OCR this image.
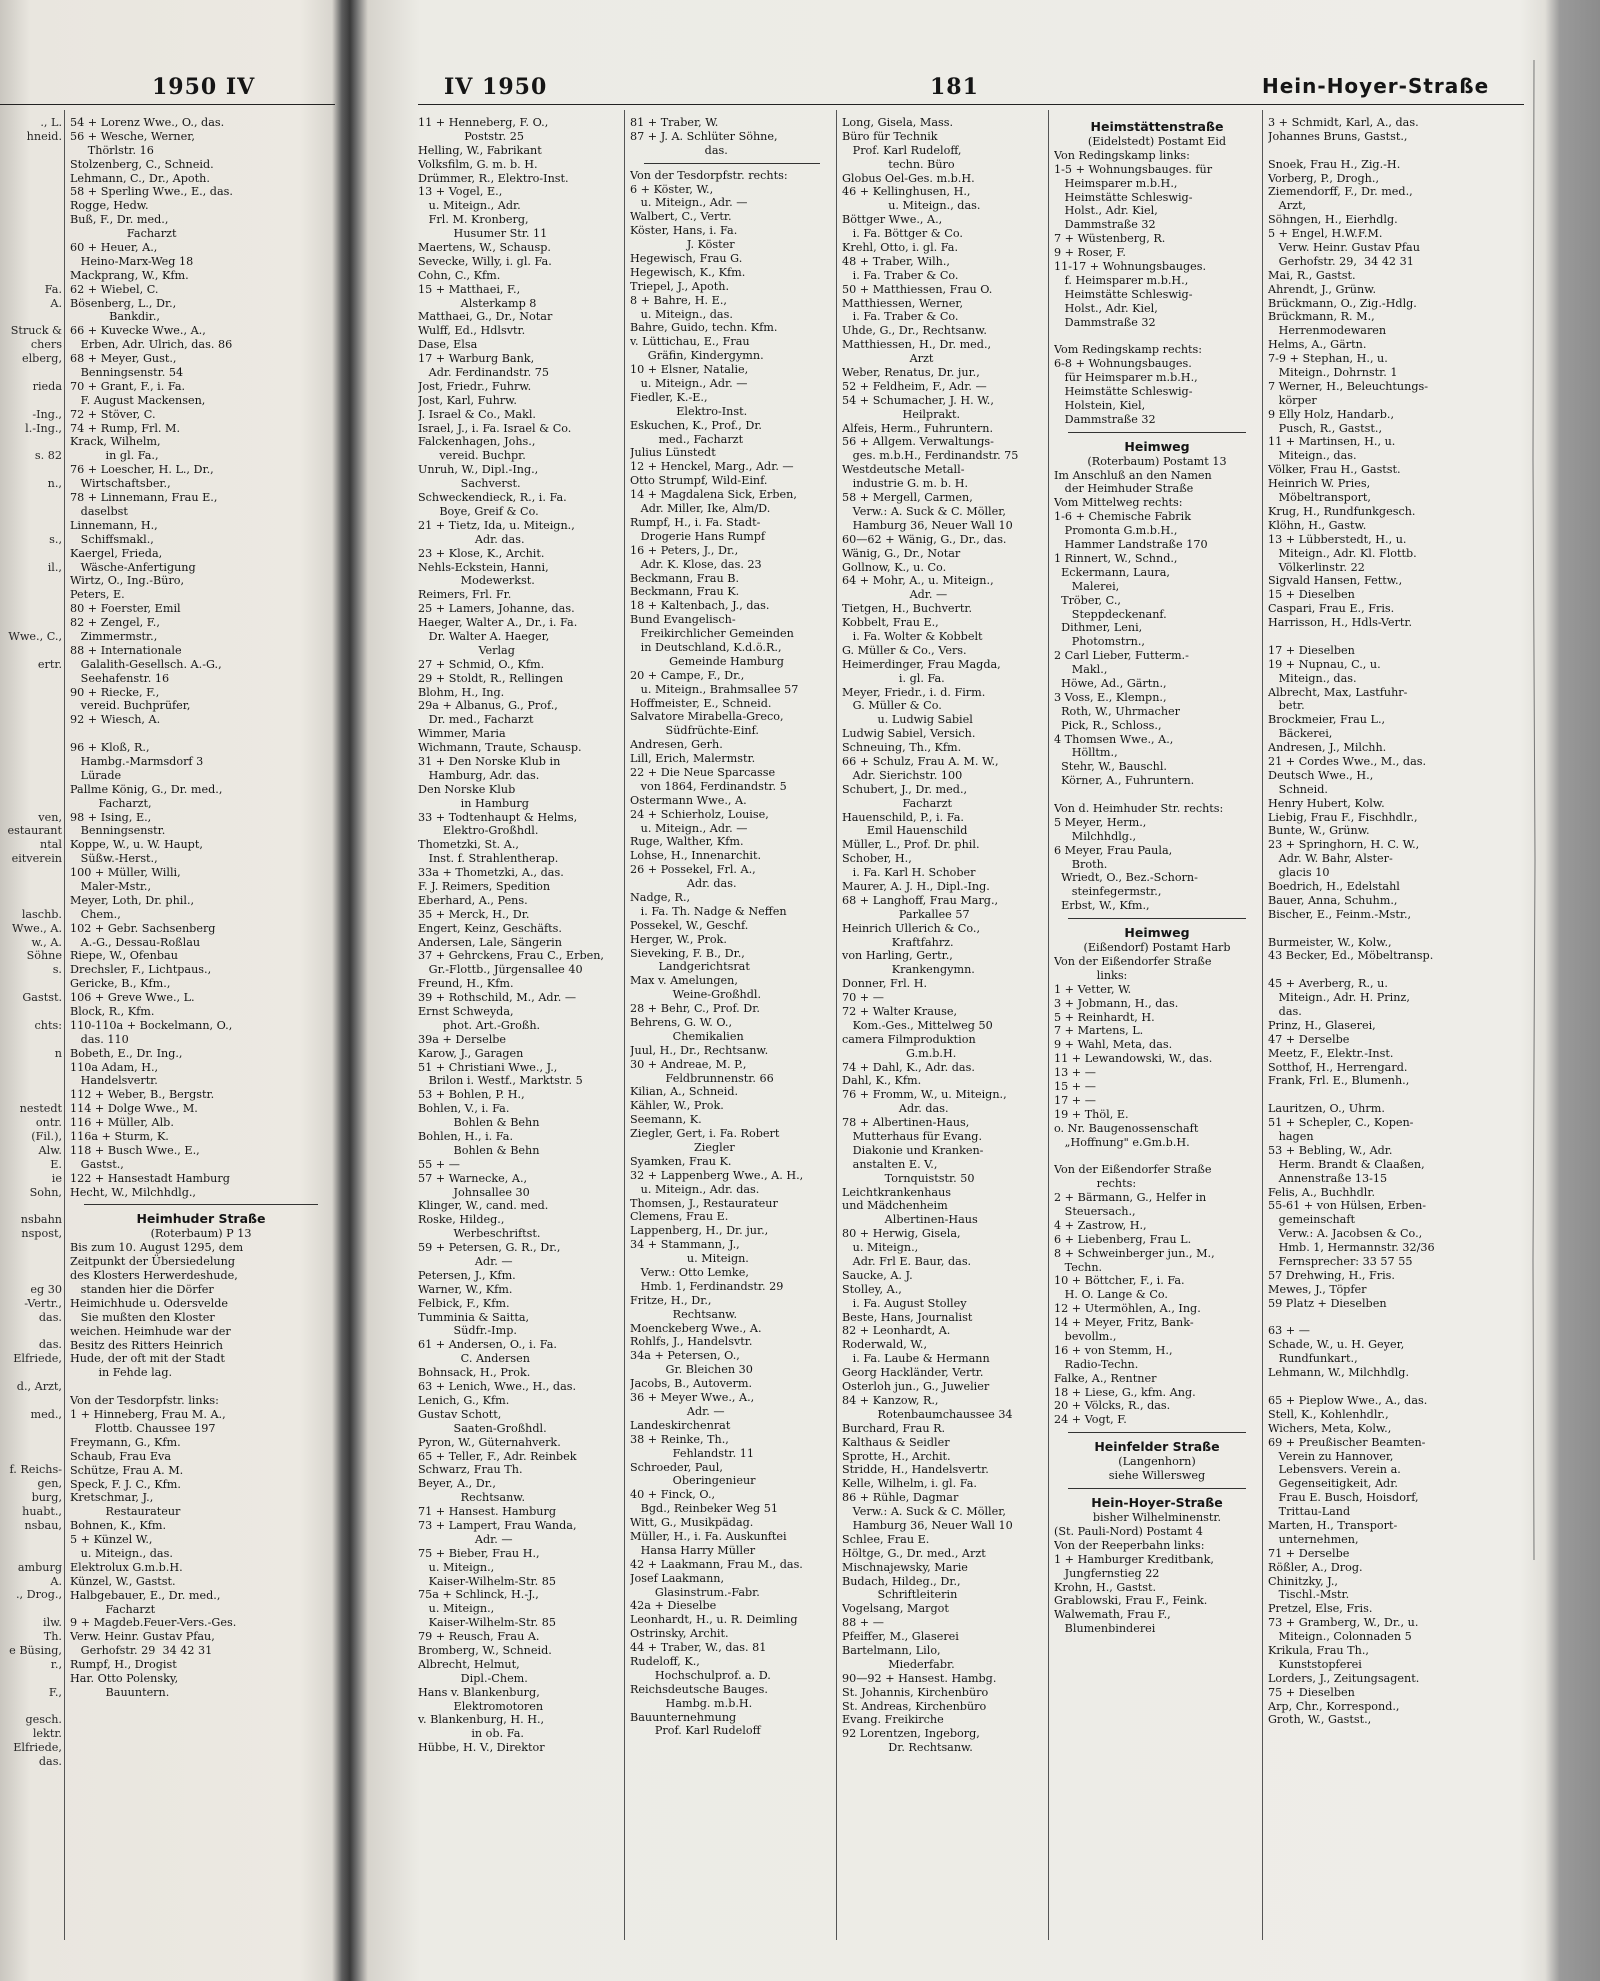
1950 IV
., L.
hneid.
Fa.
A.
Struck &
chers
elberg,
rieda
-Ing.,
l.-Ing.,
s. 82
n.,
s.,
il.,
Wwe., C.,
ertr.
ven,
estaurant
ntal
eitverein
laschb.
Wwe., A.
w., A.
Söhne
s.
Gastst.
chts:
n
nestedt
ontr.
(Fil.),
Alw.
E.
ie
Sohn,
nsbahn
nspost,
eg 30
-Vertr.,
das.
das.
Elfriede,
d., Arzt,
med.,
f. Reichs-
gen,
burg,
huabt.,
nsbau,
amburg
A.
., Drog.,
ilw.
Th.
e Büsing,
r.,
F.,
gesch.
lektr.
Elfriede,
das.
54 + Lorenz Wwe., O., das.
56 + Wesche, Werner,
Thörlstr. 16
Stolzenberg, C., Schneid.
Lehmann, C., Dr., Apoth.
58 + Sperling Wwe., E., das.
Rogge, Hedw.
Buß, F., Dr. med.,
Facharzt
60 + Heuer, A.,
Heino-Marx-Weg 18
Mackprang, W., Kfm.
62 + Wiebel, C.
Bösenberg, L., Dr.,
Bankdir.,
66 + Kuvecke Wwe., A.,
Erben, Adr. Ulrich, das. 86
68 + Meyer, Gust.,
Benningsenstr. 54
70 + Grant, F., i. Fa.
F. August Mackensen,
72 + Stöver, C.
74 + Rump, Frl. M.
Krack, Wilhelm,
in gl. Fa.,
76 + Loescher, H. L., Dr.,
Wirtschaftsber.,
78 + Linnemann, Frau E.,
daselbst
Linnemann, H.,
Schiffsmakl.,
Kaergel, Frieda,
Wäsche-Anfertigung
Wirtz, O., Ing.-Büro,
Peters, E.
80 + Foerster, Emil
82 + Zengel, F.,
Zimmermstr.,
88 + Internationale
Galalith-Gesellsch. A.-G.,
Seehafenstr. 16
90 + Riecke, F.,
vereid. Buchprüfer,
92 + Wiesch, A.
96 + Kloß, R.,
Hambg.-Marmsdorf 3
Lürade
Pallme König, G., Dr. med.,
Facharzt,
98 + Ising, E.,
Benningsenstr.
Koppe, W., u. W. Haupt,
Süßw.-Herst.,
100 + Müller, Willi,
Maler-Mstr.,
Meyer, Loth, Dr. phil.,
Chem.,
102 + Gebr. Sachsenberg
A.-G., Dessau-Roßlau
Riepe, W., Ofenbau
Drechsler, F., Lichtpaus.,
Gericke, B., Kfm.,
106 + Greve Wwe., L.
Block, R., Kfm.
110-110a + Bockelmann, O.,
das. 110
Bobeth, E., Dr. Ing.,
110a Adam, H.,
Handelsvertr.
112 + Weber, B., Bergstr.
114 + Dolge Wwe., M.
116 + Müller, Alb.
116a + Sturm, K.
118 + Busch Wwe., E.,
Gastst.,
122 + Hansestadt Hamburg
Hecht, W., Milchhdlg.,
Heimhuder Straße
(Roterbaum) P 13
Bis zum 10. August 1295, dem
Zeitpunkt der Übersiedelung
des Klosters Herwerdeshude,
standen hier die Dörfer
Heimichhude u. Odersvelde
Sie mußten den Kloster
weichen. Heimhude war der
Besitz des Ritters Heinrich
Hude, der oft mit der Stadt
in Fehde lag.
Von der Tesdorpfstr. links:
1 + Hinneberg, Frau M. A.,
Flottb. Chaussee 197
Freymann, G., Kfm.
Schaub, Frau Eva
Schütze, Frau A. M.
Speck, F. J. C., Kfm.
Kretschmar, J.,
Restaurateur
Bohnen, K., Kfm.
5 + Künzel W.,
u. Miteign., das.
Elektrolux G.m.b.H.
Künzel, W., Gastst.
Halbgebauer, E., Dr. med.,
Facharzt
9 + Magdeb.Feuer-Vers.-Ges.
Verw. Heinr. Gustav Pfau,
Gerhofstr. 29  34 42 31
Rumpf, H., Drogist
Har. Otto Polensky,
Bauuntern.
IV 1950	181	Hein-Hoyer-Straße
11 + Henneberg, F. O.,
Poststr. 25
Helling, W., Fabrikant
Volksfilm, G. m. b. H.
Drümmer, R., Elektro-Inst.
13 + Vogel, E.,
u. Miteign., Adr.
Frl. M. Kronberg,
Husumer Str. 11
Maertens, W., Schausp.
Sevecke, Willy, i. gl. Fa.
Cohn, C., Kfm.
15 + Matthaei, F.,
Alsterkamp 8
Matthaei, G., Dr., Notar
Wulff, Ed., Hdlsvtr.
Dase, Elsa
17 + Warburg Bank,
Adr. Ferdinandstr. 75
Jost, Friedr., Fuhrw.
Jost, Karl, Fuhrw.
J. Israel & Co., Makl.
Israel, J., i. Fa. Israel & Co.
Falckenhagen, Johs.,
vereid. Buchpr.
Unruh, W., Dipl.-Ing.,
Sachverst.
Schweckendieck, R., i. Fa.
Boye, Greif & Co.
21 + Tietz, Ida, u. Miteign.,
Adr. das.
23 + Klose, K., Archit.
Nehls-Eckstein, Hanni,
Modewerkst.
Reimers, Frl. Fr.
25 + Lamers, Johanne, das.
Haeger, Walter A., Dr., i. Fa.
Dr. Walter A. Haeger,
Verlag
27 + Schmid, O., Kfm.
29 + Stoldt, R., Rellingen
Blohm, H., Ing.
29a + Albanus, G., Prof.,
Dr. med., Facharzt
Wimmer, Maria
Wichmann, Traute, Schausp.
31 + Den Norske Klub in
Hamburg, Adr. das.
Den Norske Klub
in Hamburg
33 + Todtenhaupt & Helms,
Elektro-Großhdl.
Thometzki, St. A.,
Inst. f. Strahlentherap.
33a + Thometzki, A., das.
F. J. Reimers, Spedition
Eberhard, A., Pens.
35 + Merck, H., Dr.
Engert, Keinz, Geschäfts.
Andersen, Lale, Sängerin
37 + Gehrckens, Frau C., Erben,
Gr.-Flottb., Jürgensallee 40
Freund, H., Kfm.
39 + Rothschild, M., Adr. —
Ernst Schweyda,
phot. Art.-Großh.
39a + Derselbe
Karow, J., Garagen
51 + Christiani Wwe., J.,
Brilon i. Westf., Marktstr. 5
53 + Bohlen, P. H.,
Bohlen, V., i. Fa.
Bohlen & Behn
Bohlen, H., i. Fa.
Bohlen & Behn
55 + —
57 + Warnecke, A.,
Johnsallee 30
Klinger, W., cand. med.
Roske, Hildeg.,
Werbeschriftst.
59 + Petersen, G. R., Dr.,
Adr. —
Petersen, J., Kfm.
Warner, W., Kfm.
Felbick, F., Kfm.
Tumminia & Saitta,
Südfr.-Imp.
61 + Andersen, O., i. Fa.
C. Andersen
Bohnsack, H., Prok.
63 + Lenich, Wwe., H., das.
Lenich, G., Kfm.
Gustav Schott,
Saaten-Großhdl.
Pyron, W., Güternahverk.
65 + Teller, F., Adr. Reinbek
Schwarz, Frau Th.
Beyer, A., Dr.,
Rechtsanw.
71 + Hansest. Hamburg
73 + Lampert, Frau Wanda,
Adr. —
75 + Bieber, Frau H.,
u. Miteign.,
Kaiser-Wilhelm-Str. 85
75a + Schlinck, H.-J.,
u. Miteign.,
Kaiser-Wilhelm-Str. 85
79 + Reusch, Frau A.
Bromberg, W., Schneid.
Albrecht, Helmut,
Dipl.-Chem.
Hans v. Blankenburg,
Elektromotoren
v. Blankenburg, H. H.,
in ob. Fa.
Hübbe, H. V., Direktor
81 + Traber, W.
87 + J. A. Schlüter Söhne,
das.
Von der Tesdorpfstr. rechts:
6 + Köster, W.,
u. Miteign., Adr. —
Walbert, C., Vertr.
Köster, Hans, i. Fa.
J. Köster
Hegewisch, Frau G.
Hegewisch, K., Kfm.
Triepel, J., Apoth.
8 + Bahre, H. E.,
u. Miteign., das.
Bahre, Guido, techn. Kfm.
v. Lüttichau, E., Frau
Gräfin, Kindergymn.
10 + Elsner, Natalie,
u. Miteign., Adr. —
Fiedler, K.-E.,
Elektro-Inst.
Eskuchen, K., Prof., Dr.
med., Facharzt
Julius Lünstedt
12 + Henckel, Marg., Adr. —
Otto Strumpf, Wild-Einf.
14 + Magdalena Sick, Erben,
Adr. Miller, Ike, Alm/D.
Rumpf, H., i. Fa. Stadt-
Drogerie Hans Rumpf
16 + Peters, J., Dr.,
Adr. K. Klose, das. 23
Beckmann, Frau B.
Beckmann, Frau K.
18 + Kaltenbach, J., das.
Bund Evangelisch-
Freikirchlicher Gemeinden
in Deutschland, K.d.ö.R.,
Gemeinde Hamburg
20 + Campe, F., Dr.,
u. Miteign., Brahmsallee 57
Hoffmeister, E., Schneid.
Salvatore Mirabella-Greco,
Südfrüchte-Einf.
Andresen, Gerh.
Lill, Erich, Malermstr.
22 + Die Neue Sparcasse
von 1864, Ferdinandstr. 5
Ostermann Wwe., A.
24 + Schierholz, Louise,
u. Miteign., Adr. —
Ruge, Walther, Kfm.
Lohse, H., Innenarchit.
26 + Possekel, Frl. A.,
Adr. das.
Nadge, R.,
i. Fa. Th. Nadge & Neffen
Possekel, W., Geschf.
Herger, W., Prok.
Sieveking, F. B., Dr.,
Landgerichtsrat
Max v. Amelungen,
Weine-Großhdl.
28 + Behr, C., Prof. Dr.
Behrens, G. W. O.,
Chemikalien
Juul, H., Dr., Rechtsanw.
30 + Andreae, M. P.,
Feldbrunnenstr. 66
Kilian, A., Schneid.
Kähler, W., Prok.
Seemann, K.
Ziegler, Gert, i. Fa. Robert
Ziegler
Syamken, Frau K.
32 + Lappenberg Wwe., A. H.,
u. Miteign., Adr. das.
Thomsen, J., Restaurateur
Clemens, Frau E.
Lappenberg, H., Dr. jur.,
34 + Stammann, J.,
u. Miteign.
Verw.: Otto Lemke,
Hmb. 1, Ferdinandstr. 29
Fritze, H., Dr.,
Rechtsanw.
Moenckeberg Wwe., A.
Rohlfs, J., Handelsvtr.
34a + Petersen, O.,
Gr. Bleichen 30
Jacobs, B., Autoverm.
36 + Meyer Wwe., A.,
Adr. —
Landeskirchenrat
38 + Reinke, Th.,
Fehlandstr. 11
Schroeder, Paul,
Oberingenieur
40 + Finck, O.,
Bgd., Reinbeker Weg 51
Witt, G., Musikpädag.
Müller, H., i. Fa. Auskunftei
Hansa Harry Müller
42 + Laakmann, Frau M., das.
Josef Laakmann,
Glasinstrum.-Fabr.
42a + Dieselbe
Leonhardt, H., u. R. Deimling
Ostrinsky, Archit.
44 + Traber, W., das. 81
Rudeloff, K.,
Hochschulprof. a. D.
Reichsdeutsche Bauges.
Hambg. m.b.H.
Bauunternehmung
Prof. Karl Rudeloff
Long, Gisela, Mass.
Büro für Technik
Prof. Karl Rudeloff,
techn. Büro
Globus Oel-Ges. m.b.H.
46 + Kellinghusen, H.,
u. Miteign., das.
Böttger Wwe., A.,
i. Fa. Böttger & Co.
Krehl, Otto, i. gl. Fa.
48 + Traber, Wilh.,
i. Fa. Traber & Co.
50 + Matthiessen, Frau O.
Matthiessen, Werner,
i. Fa. Traber & Co.
Uhde, G., Dr., Rechtsanw.
Matthiessen, H., Dr. med.,
Arzt
Weber, Renatus, Dr. jur.,
52 + Feldheim, F., Adr. —
54 + Schumacher, J. H. W.,
Heilprakt.
Alfeis, Herm., Fuhruntern.
56 + Allgem. Verwaltungs-
ges. m.b.H., Ferdinandstr. 75
Westdeutsche Metall-
industrie G. m. b. H.
58 + Mergell, Carmen,
Verw.: A. Suck & C. Möller,
Hamburg 36, Neuer Wall 10
60—62 + Wänig, G., Dr., das.
Wänig, G., Dr., Notar
Gollnow, K., u. Co.
64 + Mohr, A., u. Miteign.,
Adr. —
Tietgen, H., Buchvertr.
Kobbelt, Frau E.,
i. Fa. Wolter & Kobbelt
G. Müller & Co., Vers.
Heimerdinger, Frau Magda,
i. gl. Fa.
Meyer, Friedr., i. d. Firm.
G. Müller & Co.
u. Ludwig Sabiel
Ludwig Sabiel, Versich.
Schneuing, Th., Kfm.
66 + Schulz, Frau A. M. W.,
Adr. Sierichstr. 100
Schubert, J., Dr. med.,
Facharzt
Hauenschild, P., i. Fa.
Emil Hauenschild
Müller, L., Prof. Dr. phil.
Schober, H.,
i. Fa. Karl H. Schober
Maurer, A. J. H., Dipl.-Ing.
68 + Langhoff, Frau Marg.,
Parkallee 57
Heinrich Ullerich & Co.,
Kraftfahrz.
von Harling, Gertr.,
Krankengymn.
Donner, Frl. H.
70 + —
72 + Walter Krause,
Kom.-Ges., Mittelweg 50
camera Filmproduktion
G.m.b.H.
74 + Dahl, K., Adr. das.
Dahl, K., Kfm.
76 + Fromm, W., u. Miteign.,
Adr. das.
78 + Albertinen-Haus,
Mutterhaus für Evang.
Diakonie und Kranken-
anstalten E. V.,
Tornquiststr. 50
Leichtkrankenhaus
und Mädchenheim
Albertinen-Haus
80 + Herwig, Gisela,
u. Miteign.,
Adr. Frl E. Baur, das.
Saucke, A. J.
Stolley, A.,
i. Fa. August Stolley
Beste, Hans, Journalist
82 + Leonhardt, A.
Roderwald, W.,
i. Fa. Laube & Hermann
Georg Hackländer, Vertr.
Osterloh jun., G., Juwelier
84 + Kanzow, R.,
Rotenbaumchaussee 34
Burchard, Frau R.
Kalthaus & Seidler
Sprotte, H., Archit.
Stridde, H., Handelsvertr.
Kelle, Wilhelm, i. gl. Fa.
86 + Rühle, Dagmar
Verw.: A. Suck & C. Möller,
Hamburg 36, Neuer Wall 10
Schlee, Frau E.
Höltge, G., Dr. med., Arzt
Mischnajewsky, Marie
Budach, Hildeg., Dr.,
Schriftleiterin
Vogelsang, Margot
88 + —
Pfeiffer, M., Glaserei
Bartelmann, Lilo,
Miederfabr.
90—92 + Hansest. Hambg.
St. Johannis, Kirchenbüro
St. Andreas, Kirchenbüro
Evang. Freikirche
92 Lorentzen, Ingeborg,
Dr. Rechtsanw.
Heimstättenstraße
(Eidelstedt) Postamt Eid
Von Redingskamp links:
1-5 + Wohnungsbauges. für
Heimsparer m.b.H.,
Heimstätte Schleswig-
Holst., Adr. Kiel,
Dammstraße 32
7 + Wüstenberg, R.
9 + Roser, F.
11-17 + Wohnungsbauges.
f. Heimsparer m.b.H.,
Heimstätte Schleswig-
Holst., Adr. Kiel,
Dammstraße 32
Vom Redingskamp rechts:
6-8 + Wohnungsbauges.
für Heimsparer m.b.H.,
Heimstätte Schleswig-
Holstein, Kiel,
Dammstraße 32
Heimweg
(Roterbaum) Postamt 13
Im Anschluß an den Namen
der Heimhuder Straße
Vom Mittelweg rechts:
1-6 + Chemische Fabrik
Promonta G.m.b.H.,
Hammer Landstraße 170
1 Rinnert, W., Schnd.,
Eckermann, Laura,
Malerei,
Tröber, C.,
Steppdeckenanf.
Dithmer, Leni,
Photomstrn.,
2 Carl Lieber, Futterm.-
Makl.,
Höwe, Ad., Gärtn.,
3 Voss, E., Klempn.,
Roth, W., Uhrmacher
Pick, R., Schloss.,
4 Thomsen Wwe., A.,
Hölltm.,
Stehr, W., Bauschl.
Körner, A., Fuhruntern.
Von d. Heimhuder Str. rechts:
5 Meyer, Herm.,
Milchhdlg.,
6 Meyer, Frau Paula,
Broth.
Wriedt, O., Bez.-Schorn-
steinfegermstr.,
Erbst, W., Kfm.,
Heimweg
(Eißendorf) Postamt Harb
Von der Eißendorfer Straße
links:
1 + Vetter, W.
3 + Jobmann, H., das.
5 + Reinhardt, H.
7 + Martens, L.
9 + Wahl, Meta, das.
11 + Lewandowski, W., das.
13 + —
15 + —
17 + —
19 + Thöl, E.
o. Nr. Baugenossenschaft
„Hoffnung" e.Gm.b.H.
Von der Eißendorfer Straße
rechts:
2 + Bärmann, G., Helfer in
Steuersach.,
4 + Zastrow, H.,
6 + Liebenberg, Frau L.
8 + Schweinberger jun., M.,
Techn.
10 + Böttcher, F., i. Fa.
H. O. Lange & Co.
12 + Utermöhlen, A., Ing.
14 + Meyer, Fritz, Bank-
bevollm.,
16 + von Stemm, H.,
Radio-Techn.
Falke, A., Rentner
18 + Liese, G., kfm. Ang.
20 + Völcks, R., das.
24 + Vogt, F.
Heinfelder Straße
(Langenhorn)
siehe Willersweg
Hein-Hoyer-Straße
bisher Wilhelminenstr.
(St. Pauli-Nord) Postamt 4
Von der Reeperbahn links:
1 + Hamburger Kreditbank,
Jungfernstieg 22
Krohn, H., Gastst.
Grablowski, Frau F., Feink.
Walwemath, Frau F.,
Blumenbinderei
3 + Schmidt, Karl, A., das.
Johannes Bruns, Gastst.,
Snoek, Frau H., Zig.-H.
Vorberg, P., Drogh.,
Ziemendorff, F., Dr. med.,
Arzt,
Söhngen, H., Eierhdlg.
5 + Engel, H.W.F.M.
Verw. Heinr. Gustav Pfau
Gerhofstr. 29,  34 42 31
Mai, R., Gastst.
Ahrendt, J., Grünw.
Brückmann, O., Zig.-Hdlg.
Brückmann, R. M.,
Herrenmodewaren
Helms, A., Gärtn.
7-9 + Stephan, H., u.
Miteign., Dohrnstr. 1
7 Werner, H., Beleuchtungs-
körper
9 Elly Holz, Handarb.,
Pusch, R., Gastst.,
11 + Martinsen, H., u.
Miteign., das.
Völker, Frau H., Gastst.
Heinrich W. Pries,
Möbeltransport,
Krug, H., Rundfunkgesch.
Klöhn, H., Gastw.
13 + Lübberstedt, H., u.
Miteign., Adr. Kl. Flottb.
Völkerlinstr. 22
Sigvald Hansen, Fettw.,
15 + Dieselben
Caspari, Frau E., Fris.
Harrisson, H., Hdls-Vertr.
17 + Dieselben
19 + Nupnau, C., u.
Miteign., das.
Albrecht, Max, Lastfuhr-
betr.
Brockmeier, Frau L.,
Bäckerei,
Andresen, J., Milchh.
21 + Cordes Wwe., M., das.
Deutsch Wwe., H.,
Schneid.
Henry Hubert, Kolw.
Liebig, Frau F., Fischhdlr.,
Bunte, W., Grünw.
23 + Springhorn, H. C. W.,
Adr. W. Bahr, Alster-
glacis 10
Boedrich, H., Edelstahl
Bauer, Anna, Schuhm.,
Bischer, E., Feinm.-Mstr.,
Burmeister, W., Kolw.,
43 Becker, Ed., Möbeltransp.
45 + Averberg, R., u.
Miteign., Adr. H. Prinz,
das.
Prinz, H., Glaserei,
47 + Derselbe
Meetz, F., Elektr.-Inst.
Sotthof, H., Herrengard.
Frank, Frl. E., Blumenh.,
Lauritzen, O., Uhrm.
51 + Schepler, C., Kopen-
hagen
53 + Bebling, W., Adr.
Herm. Brandt & Claaßen,
Annenstraße 13-15
Felis, A., Buchhdlr.
55-61 + von Hülsen, Erben-
gemeinschaft
Verw.: A. Jacobsen & Co.,
Hmb. 1, Hermannstr. 32/36
Fernsprecher: 33 57 55
57 Drehwing, H., Fris.
Mewes, J., Töpfer
59 Platz + Dieselben
63 + —
Schade, W., u. H. Geyer,
Rundfunkart.,
Lehmann, W., Milchhdlg.
65 + Pieplow Wwe., A., das.
Stell, K., Kohlenhdlr.,
Wichers, Meta, Kolw.,
69 + Preußischer Beamten-
Verein zu Hannover,
Lebensvers. Verein a.
Gegenseitigkeit, Adr.
Frau E. Busch, Hoisdorf,
Trittau-Land
Marten, H., Transport-
unternehmen,
71 + Derselbe
Rößler, A., Drog.
Chinitzky, J.,
Tischl.-Mstr.
Pretzel, Else, Fris.
73 + Gramberg, W., Dr., u.
Miteign., Colonnaden 5
Krikula, Frau Th.,
Kunststopferei
Lorders, J., Zeitungsagent.
75 + Dieselben
Arp, Chr., Korrespond.,
Groth, W., Gastst.,
